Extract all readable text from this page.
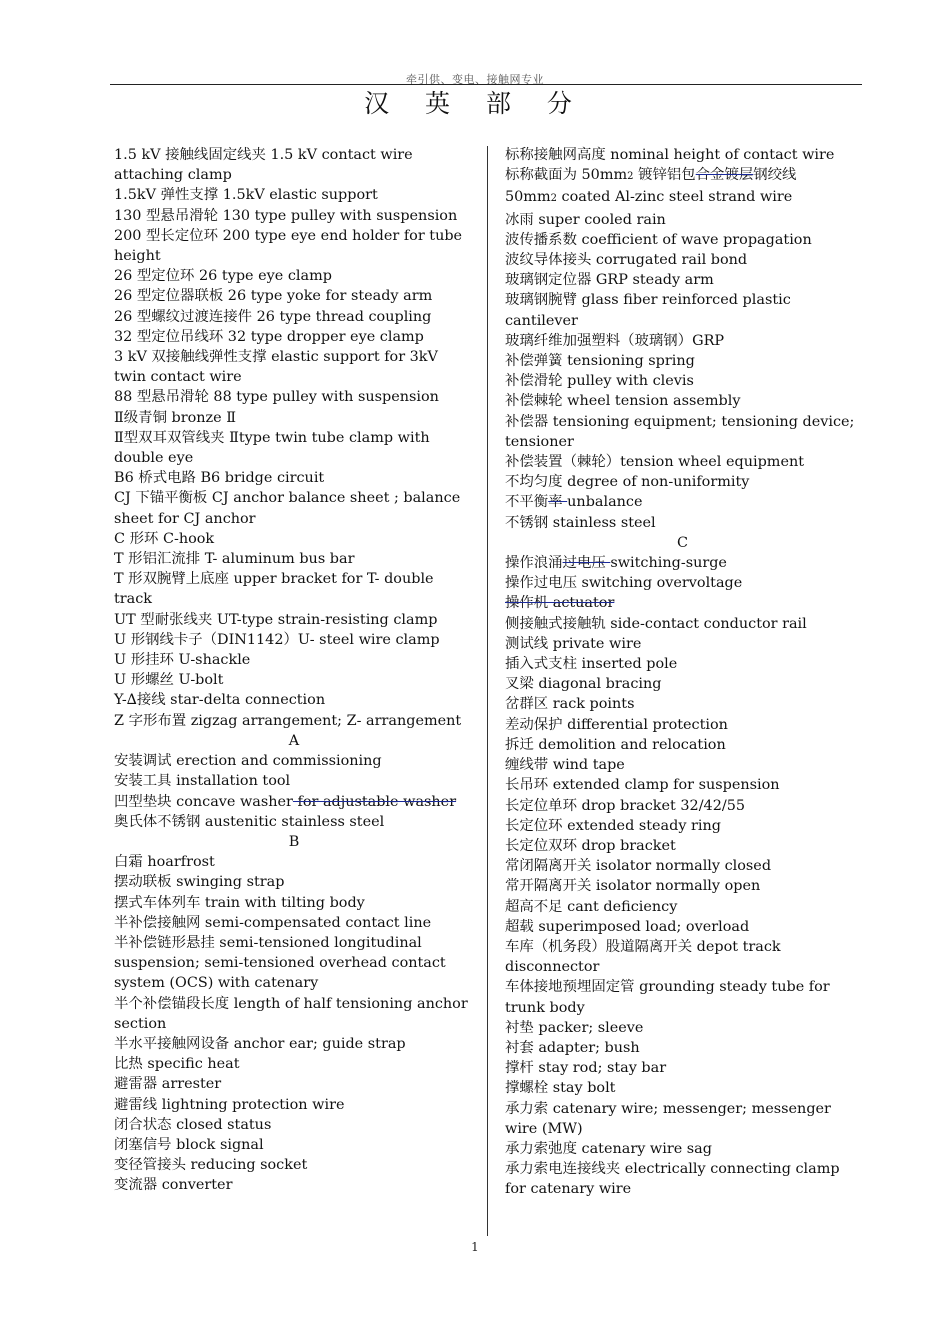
牵引供、变电、接触网专业
汉 英 部 分
1.5 kV 接触线固定线夹 1.5 kV contact wire attaching clamp
1.5kV 弹性支撑 1.5kV elastic support
130 型悬吊滑轮 130 type pulley with suspension
200 型长定位环 200 type eye end holder for tube height
26 型定位环 26 type eye clamp
26 型定位器联板 26 type yoke for steady arm
26 型螺纹过渡连接件 26 type thread coupling
32 型定位吊线环 32 type dropper eye clamp
3 kV 双接触线弹性支撑 elastic support for 3kV twin contact wire
88 型悬吊滑轮 88 type pulley with suspension
Ⅱ级青铜 bronze Ⅱ
Ⅱ型双耳双管线夹 Ⅱtype twin tube clamp with double eye
B6 桥式电路 B6 bridge circuit
CJ 下锚平衡板 CJ anchor balance sheet ; balance sheet for CJ anchor
C 形环 C-hook
T 形铝汇流排 T- aluminum bus bar
T 形双腕臂上底座 upper bracket for T- double track
UT 型耐张线夹 UT-type strain-resisting clamp
U 形钢线卡子（DIN1142）U- steel wire clamp
U 形挂环 U-shackle
U 形螺丝 U-bolt
Y-∆接线 star-delta connection
Z 字形布置 zigzag arrangement; Z- arrangement
A
安装调试 erection and commissioning
安装工具 installation tool
凹型垫块 concave washer for adjustable washer
奥氏体不锈钢 austenitic stainless steel
B
白霜 hoarfrost
摆动联板 swinging strap
摆式车体列车 train with tilting body
半补偿接触网 semi-compensated contact line
半补偿链形悬挂 semi-tensioned longitudinal suspension; semi-tensioned overhead contact system (OCS) with catenary
半个补偿锚段长度 length of half tensioning anchor section
半水平接触网设备 anchor ear; guide strap
比热 specific heat
避雷器 arrester
避雷线 lightning protection wire
闭合状态 closed status
闭塞信号 block signal
变径管接头 reducing socket
变流器 converter
标称接触网高度 nominal height of contact wire
标称截面为 50mm2 镀锌铝包合金镀层钢绞线
50mm2 coated Al-zinc steel strand wire
冰雨 super cooled rain
波传播系数 coefficient of wave propagation
波纹导体接头 corrugated rail bond
玻璃钢定位器 GRP steady arm
玻璃钢腕臂 glass fiber reinforced plastic cantilever
玻璃纤维加强塑料（玻璃钢）GRP
补偿弹簧 tensioning spring
补偿滑轮 pulley with clevis
补偿棘轮 wheel tension assembly
补偿器 tensioning equipment; tensioning device; tensioner
补偿装置（棘轮）tension wheel equipment
不均匀度 degree of non-uniformity
不平衡率 unbalance
不锈钢 stainless steel
C
操作浪涌过电压 switching-surge
操作过电压 switching overvoltage
操作机 actuator
侧接触式接触轨 side-contact conductor rail
测试线 private wire
插入式支柱 inserted pole
叉梁 diagonal bracing
岔群区 rack points
差动保护 differential protection
拆迁 demolition and relocation
缠线带 wind tape
长吊环 extended clamp for suspension
长定位单环 drop bracket 32/42/55
长定位环 extended steady ring
长定位双环 drop bracket
常闭隔离开关 isolator normally closed
常开隔离开关 isolator normally open
超高不足 cant deficiency
超载 superimposed load; overload
车库（机务段）股道隔离开关 depot track disconnector
车体接地预埋固定管 grounding steady tube for trunk body
衬垫 packer; sleeve
衬套 adapter; bush
撑杆 stay rod; stay bar
撑螺栓 stay bolt
承力索 catenary wire; messenger; messenger wire (MW)
承力索弛度 catenary wire sag
承力索电连接线夹 electrically connecting clamp for catenary wire
1
